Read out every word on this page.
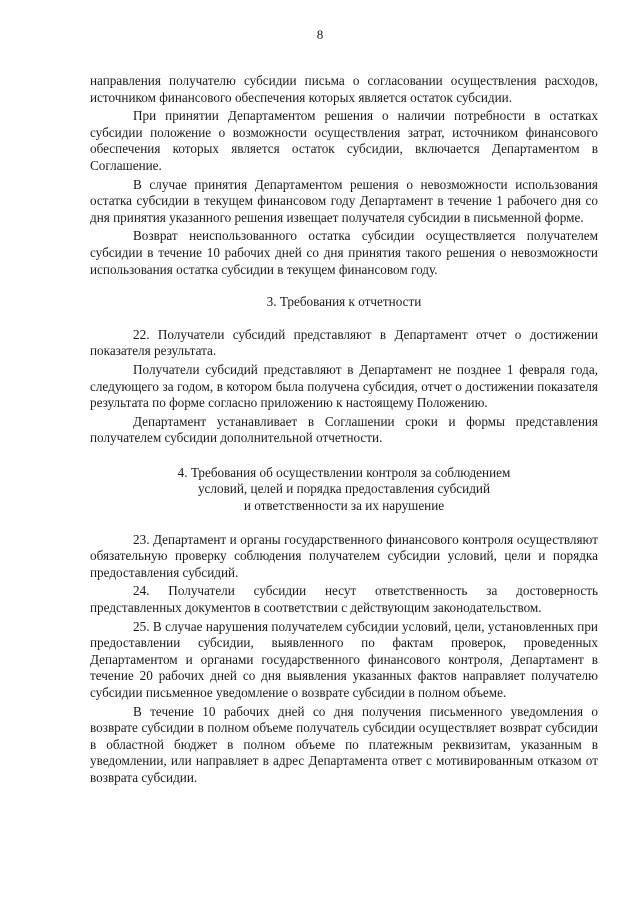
8

направления получателю субсидии письма о согласовании осуществления расходов, источником финансового обеспечения которых является остаток субсидии.

При принятии Департаментом решения о наличии потребности в остатках субсидии положение о возможности осуществления затрат, источником финансового обеспечения которых является остаток субсидии, включается Департаментом в Соглашение.

В случае принятия Департаментом решения о невозможности использования остатка субсидии в текущем финансовом году Департамент в течение 1 рабочего дня со дня принятия указанного решения извещает получателя субсидии в письменной форме.

Возврат неиспользованного остатка субсидии осуществляется получателем субсидии в течение 10 рабочих дней со дня принятия такого решения о невозможности использования остатка субсидии в текущем финансовом году.

3. Требования к отчетности

22. Получатели субсидий представляют в Департамент отчет о достижении показателя результата.

Получатели субсидий представляют в Департамент не позднее 1 февраля года, следующего за годом, в котором была получена субсидия, отчет о достижении показателя результата по форме согласно приложению к настоящему Положению.

Департамент устанавливает в Соглашении сроки и формы представления получателем субсидии дополнительной отчетности.

4. Требования об осуществлении контроля за соблюдением
условий, целей и порядка предоставления субсидий
и ответственности за их нарушение

23. Департамент и органы государственного финансового контроля осуществляют обязательную проверку соблюдения получателем субсидии условий, цели и порядка предоставления субсидий.

24. Получатели субсидии несут ответственность за достоверность представленных документов в соответствии с действующим законодательством.

25. В случае нарушения получателем субсидии условий, цели, установленных при предоставлении субсидии, выявленного по фактам проверок, проведенных Департаментом и органами государственного финансового контроля, Департамент в течение 20 рабочих дней со дня выявления указанных фактов направляет получателю субсидии письменное уведомление о возврате субсидии в полном объеме.

В течение 10 рабочих дней со дня получения письменного уведомления о возврате субсидии в полном объеме получатель субсидии осуществляет возврат субсидии в областной бюджет в полном объеме по платежным реквизитам, указанным в уведомлении, или направляет в адрес Департамента ответ с мотивированным отказом от возврата субсидии.
